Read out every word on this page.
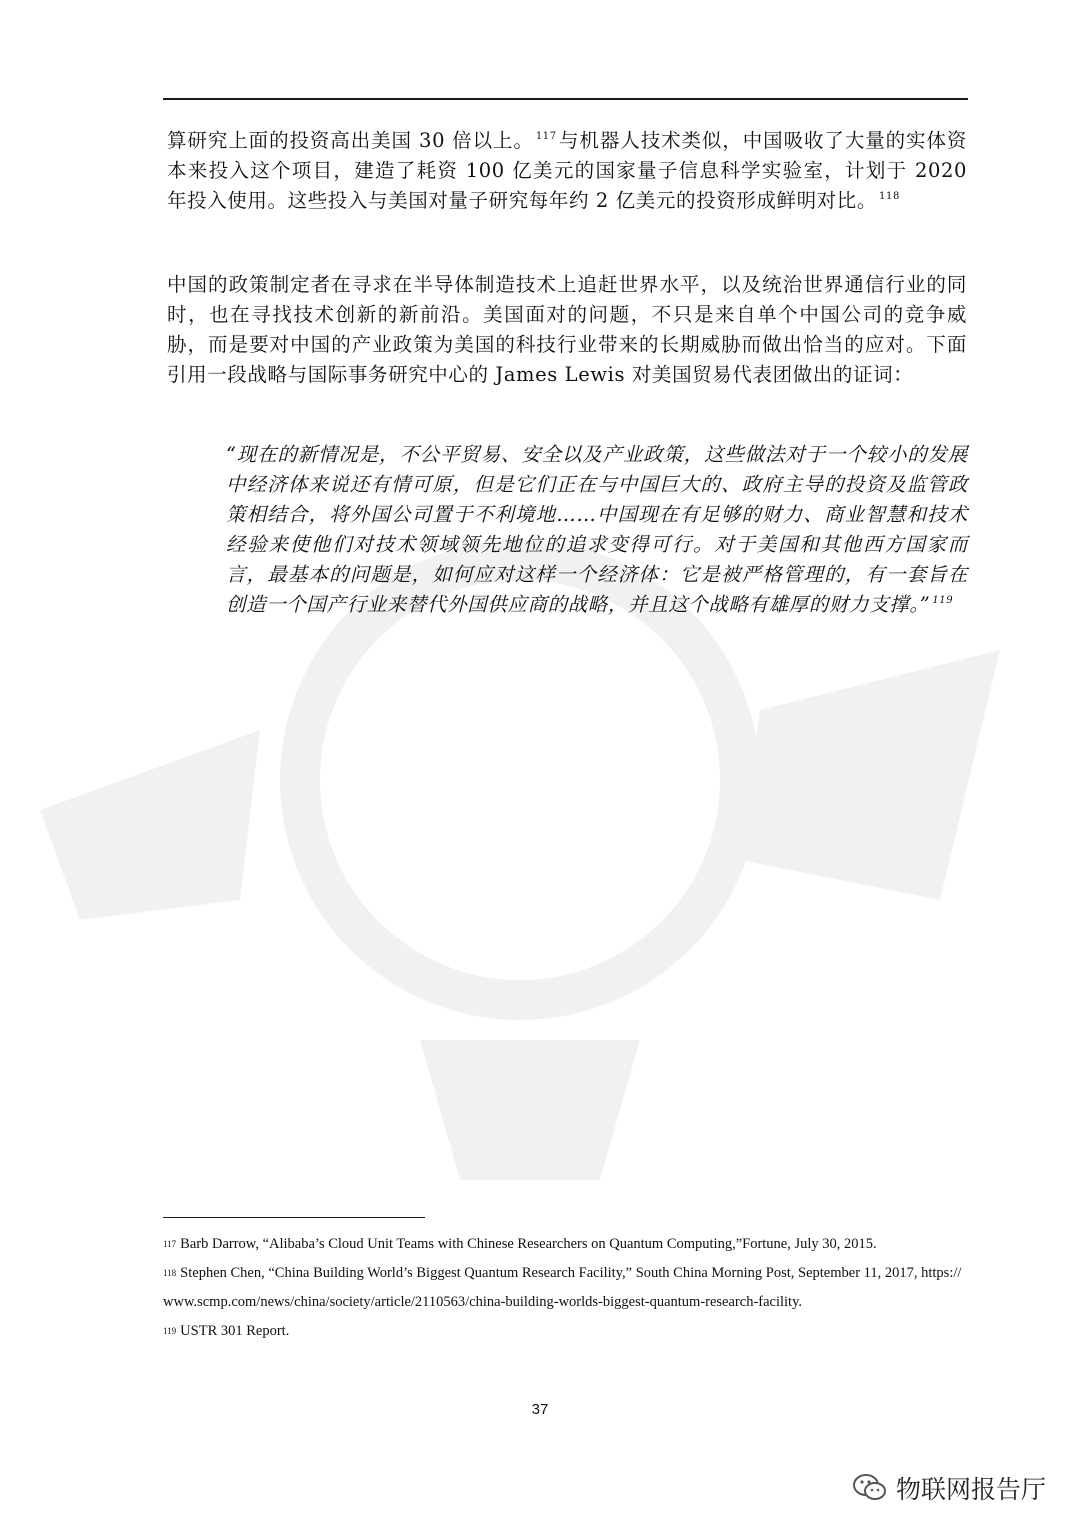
算研究上面的投资高出美国 30 倍以上。 $^{117}$ 与机器人技术类似，中国吸收了大量的实体资本来投入这个项目，建造了耗资 100 亿美元的国家量子信息科学实验室，计划于 2020 年投入使用。这些投入与美国对量子研究每年约 2 亿美元的投资形成鲜明对比。 $^{118}$

中国的政策制定者在寻求在半导体制造技术上追赶世界水平，以及统治世界通信行业的同时，也在寻找技术创新的新前沿。美国面对的问题，不只是来自单个中国公司的竞争威胁，而是要对中国的产业政策为美国的科技行业带来的长期威胁而做出恰当的应对。下面引用一段战略与国际事务研究中心的 James Lewis 对美国贸易代表团做出的证词：

“现在的新情况是，不公平贸易、安全以及产业政策，这些做法对于一个较小的发展中经济体来说还有情可原，但是它们正在与中国巨大的、政府主导的投资及监管政策相结合，将外国公司置于不利境地……中国现在有足够的财力、商业智慧和技术经验来使他们对技术领域领先地位的追求变得可行。对于美国和其他西方国家而言，最基本的问题是，如何应对这样一个经济体：它是被严格管理的，有一套旨在创造一个国产行业来替代外国供应商的战略，并且这个战略有雄厚的财力支撑。” $^{119}$

117 Barb Darrow, “Alibaba’s Cloud Unit Teams with Chinese Researchers on Quantum Computing,”Fortune, July 30, 2015.
118 Stephen Chen, “China Building World’s Biggest Quantum Research Facility,” South China Morning Post, September 11, 2017, https://www.scmp.com/news/china/society/article/2110563/china-building-worlds-biggest-quantum-research-facility.
119 USTR 301 Report.
37
物联网报告厅
